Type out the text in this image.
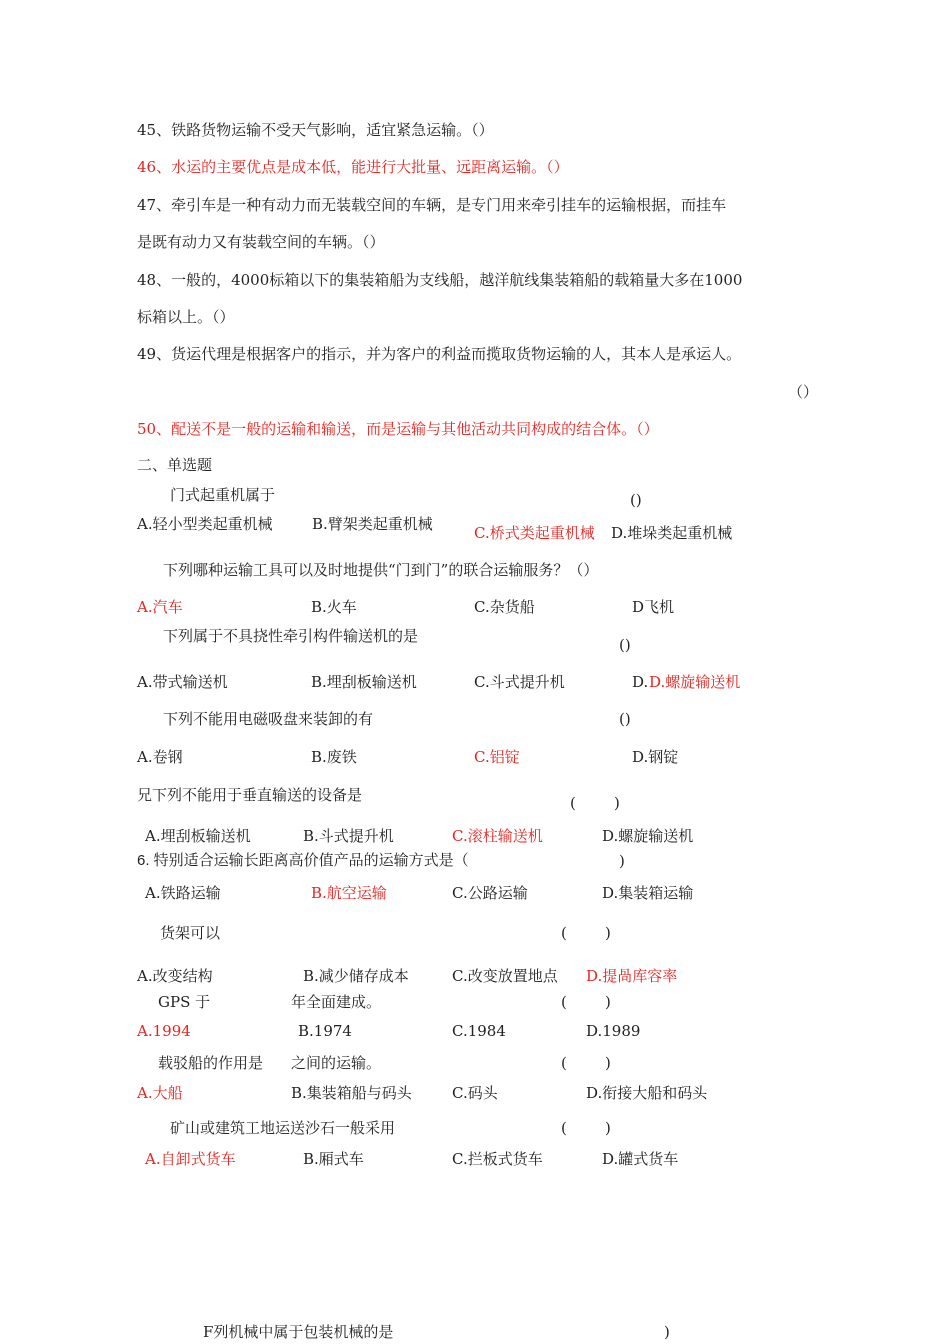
45、铁路货物运输不受天气影响，适宜紧急运输。（）
46、水运的主要优点是成本低，能进行大批量、远距离运输。（）
47、牵引车是一种有动力而无装载空间的车辆，是专门用来牵引挂车的运输根据，而挂车
是既有动力又有装载空间的车辆。（）
48、一般的，4000标箱以下的集装箱船为支线船，越洋航线集装箱船的载箱量大多在1000
标箱以上。（）
49、货运代理是根据客户的指示，并为客户的利益而揽取货物运输的人，其本人是承运人。
（）
50、配送不是一般的运输和输送，而是运输与其他活动共同构成的结合体。（）
二、单选题
门式起重机属于	()
A.轻小型类起重机械	B.臂架类起重机械	C.桥式类起重机械 D.堆垛类起重机械
下列哪种运输工具可以及时地提供“门到门”的联合运输服务？（）
A.汽车	B.火车	C.杂货船	D飞机
下列属于不具挠性牵引构件输送机的是	()
A.带式输送机	B.埋刮板输送机	C.斗式提升机	D. D.螺旋输送机
下列不能用电磁吸盘来装卸的有	()
A.卷钢	B.废铁	C.铝锭	D.钢锭
兄下列不能用于垂直输送的设备是	(        )
A.埋刮板输送机	B.斗式提升机	C.滚柱输送机	D.螺旋输送机
6. 特别适合运输长距离高价值产品的运输方式是（	)
A.铁路运输	B.航空运输	C.公路运输	D.集装箱运输
货架可以	(        )
A.改变结构	B.减少储存成本	C.改变放置地点 D.提咼库容率
GPS 于	年全面建成。	(        )
A.1994	B.1974	C.1984	D.1989
载驳船的作用是 之间的运输。	(        )
A.大船	B.集装箱船与码头	C.码头	D.衔接大船和码头
矿山或建筑工地运送沙石一般采用	(        )
A.自卸式货车	B.厢式车	C.拦板式货车	D.罐式货车
F列机械中属于包装机械的是	)
